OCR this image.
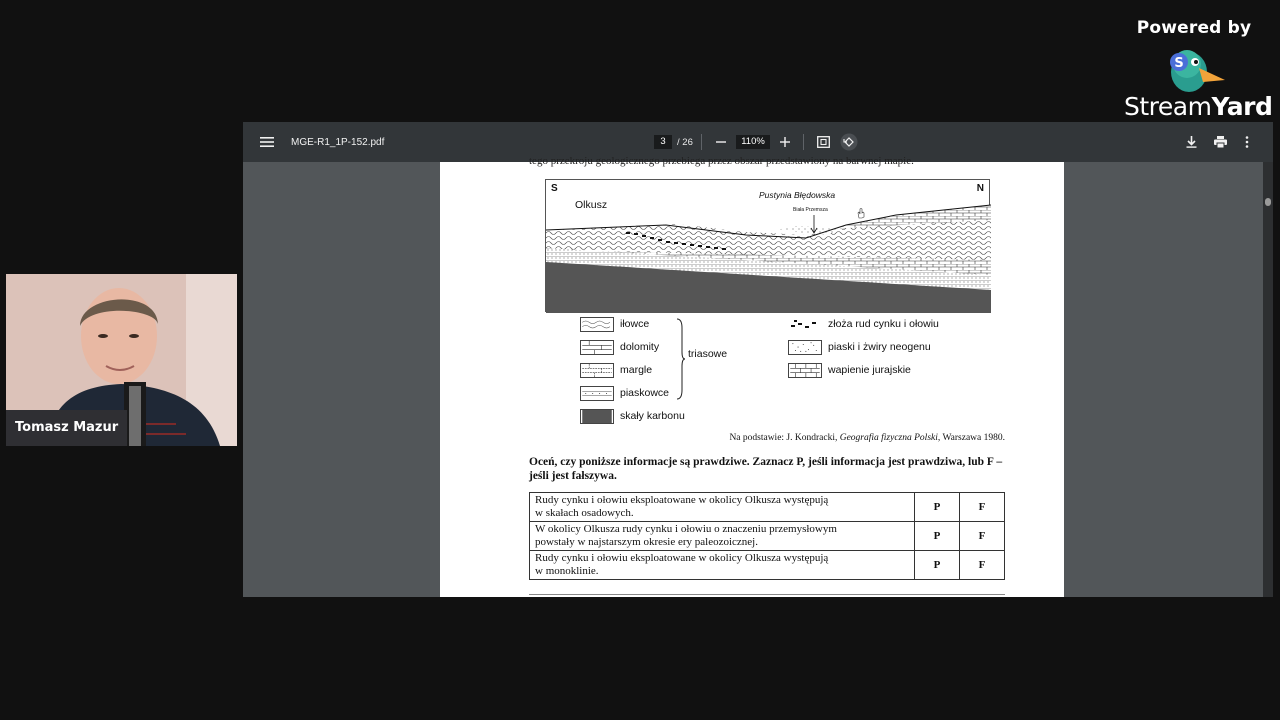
Powered by
S
StreamYard
Tomasz Mazur
MGE-R1_1P-152.pdf	3	/
26	110%
tego przekroju geologicznego przebiega przez obszar przedstawiony na barwnej mapie.
S	N
Olkusz
Pustynia Błędowska
Biała Przemsza
iłowce
dolomity
margle
piaskowce
skały karbonu
triasowe
złoża rud cynku i ołowiu
piaski i żwiry neogenu
wapienie jurajskie
Na podstawie: J. Kondracki, Geografia fizyczna Polski, Warszawa 1980.
Oceń, czy poniższe informacje są prawdziwe. Zaznacz P, jeśli informacja jest prawdziwa, lub F – jeśli jest fałszywa.
Rudy cynku i ołowiu eksploatowane w okolicy Olkusza występują
w skałach osadowych.	P	F

W okolicy Olkusza rudy cynku i ołowiu o znaczeniu przemysłowym
powstały w najstarszym okresie ery paleozoicznej.	P	F

Rudy cynku i ołowiu eksploatowane w okolicy Olkusza występują
w monoklinie.	P	F
